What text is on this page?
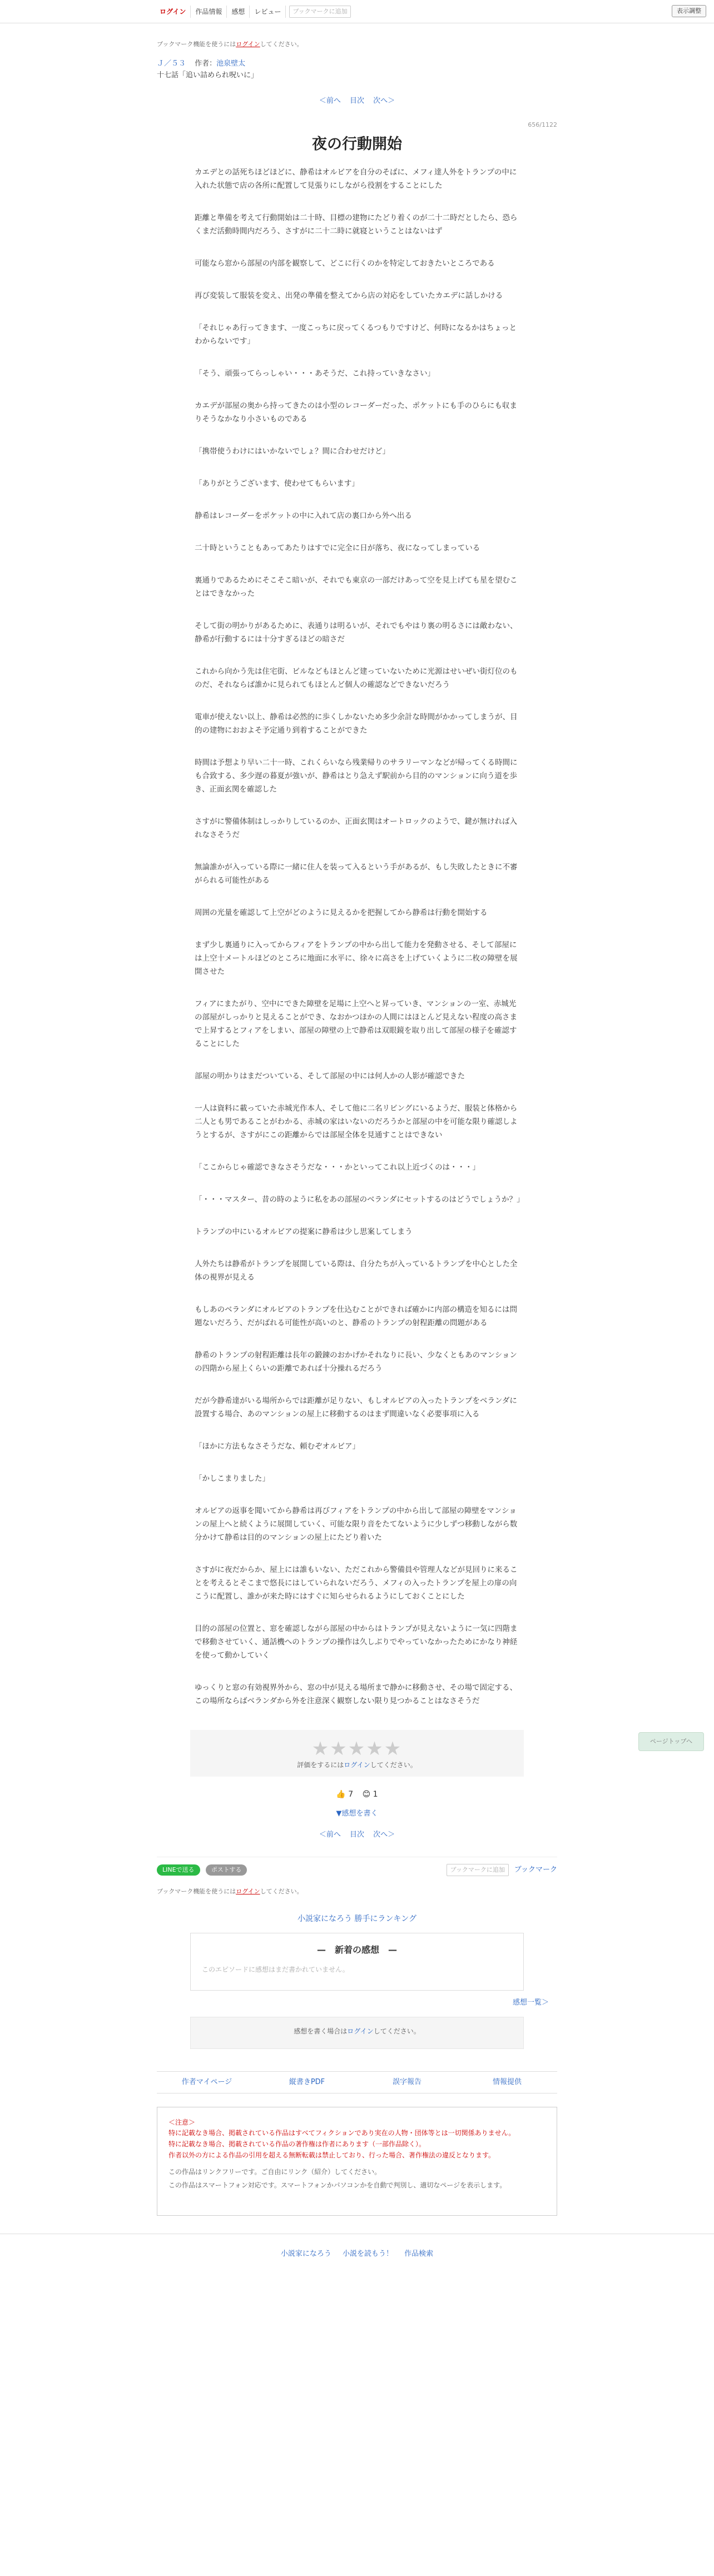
ログイン	作品情報	感想	レビュー	ブックマークに追加	表示調整
ブックマーク機能を使うにはログインしてください。
Ｊ／５３ 作者：池泉壁太
十七話「追い詰められ呪いに」
＜前へ 目次 次へ＞
656/1122
夜の行動開始

カエデとの話死ちほどほどに、静希はオルビアを自分のそばに、メフィ達人外をトランプの中に入れた状態で店の各所に配置して見張りにしながら役割をすることにした

距離と準備を考えて行動開始は二十時、目標の建物にたどり着くのが二十二時だとしたら、恐らくまだ活動時間内だろう、さすがに二十二時に就寝ということはないはず

可能なら窓から部屋の内部を観察して、どこに行くのかを特定しておきたいところである

再び変装して服装を変え、出発の準備を整えてから店の対応をしていたカエデに話しかける

「それじゃあ行ってきます、一度こっちに戻ってくるつもりですけど、何時になるかはちょっとわからないです」

「そう、頑張ってらっしゃい・・・あそうだ、これ持っていきなさい」

カエデが部屋の奥から持ってきたのは小型のレコーダーだった、ポケットにも手のひらにも収まりそうなかなり小さいものである

「携帯使うわけにはいかないでしょ？間に合わせだけど」

「ありがとうございます、使わせてもらいます」

静希はレコーダーをポケットの中に入れて店の裏口から外へ出る

二十時ということもあってあたりはすでに完全に日が落ち、夜になってしまっている

裏通りであるためにそこそこ暗いが、それでも東京の一部だけあって空を見上げても星を望むことはできなかった

そして街の明かりがあるために、表通りは明るいが、それでもやはり裏の明るさには敵わない、静希が行動するには十分すぎるほどの暗さだ

これから向かう先は住宅街、ビルなどもほとんど建っていないために光源はせいぜい街灯位のものだ、それならば誰かに見られてもほとんど個人の確認などできないだろう

電車が使えない以上、静希は必然的に歩くしかないため多少余計な時間がかかってしまうが、目的の建物におおよそ予定通り到着することができた

時間は予想より早い二十一時、これくらいなら残業帰りのサラリーマンなどが帰ってくる時間にも合致する、多少遅の暮夏が強いが、静希はとり急えず駅前から目的のマンションに向う道を歩き、正面玄関を確認した

さすがに警備体制はしっかりしているのか、正面玄関はオートロックのようで、鍵が無ければ入れなさそうだ

無論誰かが入っている際に一緒に住人を装って入るという手があるが、もし失敗したときに不審がられる可能性がある

周囲の光量を確認して上空がどのように見えるかを把握してから静希は行動を開始する

まず少し裏通りに入ってからフィアをトランプの中から出して能力を発動させる、そして部屋には上空十メートルほどのところに地面に水平に、徐々に高さを上げていくように二枚の障壁を展開させた

フィアにまたがり、空中にできた障壁を足場に上空へと昇っていき、マンションの一室、赤城光の部屋がしっかりと見えることができ、なおかつほかの人間にはほとんど見えない程度の高さまで上昇するとフィアをしまい、部屋の障壁の上で静希は双眼鏡を取り出して部屋の様子を確認することにした

部屋の明かりはまだついている、そして部屋の中には何人かの人影が確認できた

一人は資料に載っていた赤城光作本人、そして他に二名リビングにいるようだ、服装と体格から二人とも男であることがわかる、赤城の家はいないのだろうかと部屋の中を可能な限り確認しようとするが、さすがにこの距離からでは部屋全体を見通すことはできない

「ここからじゃ確認できなさそうだな・・・かといってこれ以上近づくのは・・・」

「・・・マスター、昔の時のように私をあの部屋のベランダにセットするのはどうでしょうか？」

トランプの中にいるオルビアの提案に静希は少し思案してしまう

人外たちは静希がトランプを展開している際は、自分たちが入っているトランプを中心とした全体の視界が見える

もしあのベランダにオルビアのトランプを仕込むことができれば確かに内部の構造を知るには問題ないだろう、だがばれる可能性が高いのと、静希のトランプの射程距離の問題がある

静希のトランプの射程距離は長年の鍛錬のおかげかそれなりに長い、少なくともあのマンションの四階から屋上くらいの距離であれば十分操れるだろう

だが今静希達がいる場所からでは距離が足りない、もしオルビアの入ったトランプをベランダに設置する場合、あのマンションの屋上に移動するのはまず間違いなく必要事項に入る

「ほかに方法もなさそうだな、頼むぞオルビア」

「かしこまりました」

オルビアの返事を聞いてから静希は再びフィアをトランプの中から出して部屋の障壁をマンションの屋上へと続くように展開していく、可能な限り音をたてないように少しずつ移動しながら数分かけて静希は目的のマンションの屋上にたどり着いた

さすがに夜だからか、屋上には誰もいない、ただこれから警備員や管理人などが見回りに来ることを考えるとそこまで悠長にはしていられないだろう、メフィの入ったトランプを屋上の扉の向こうに配置し、誰かが来た時にはすぐに知らせられるようにしておくことにした

目的の部屋の位置と、窓を確認しながら部屋の中からはトランプが見えないように一気に四階まで移動させていく、通話機へのトランプの操作は久しぶりでやっていなかったためにかなり神経を使って動かしていく

ゆっくりと窓の有効視界外から、窓の中が見える場所まで静かに移動させ、その場で固定する、この場所ならばベランダから外を注意深く観察しない限り見つかることはなさそうだ

★★★★★
評価をするにはログインしてください。
👍 7 😊 1
▼感想を書く
＜前へ 目次 次へ＞
ページトップへ
LINEで送る	ポストする	ブックマークに追加	ブックマーク
ブックマーク機能を使うにはログインしてください。
小説家になろう 勝手にランキング
—　新着の感想　—
このエピソードに感想はまだ書かれていません。
感想一覧＞
感想を書く場合はログインしてください。
作者マイページ	縦書きPDF	誤字報告	情報提供
＜注意＞
特に記載なき場合、掲載されている作品はすべてフィクションであり実在の人物・団体等とは一切関係ありません。
特に記載なき場合、掲載されている作品の著作権は作者にあります（一部作品除く）。
作者以外の方による作品の引用を超える無断転載は禁止しており、行った場合、著作権法の違反となります。
この作品はリンクフリーです。ご自由にリンク（紹介）してください。
この作品はスマートフォン対応です。スマートフォンかパソコンかを自動で判別し、適切なページを表示します。
小説家になろう 小説を読もう！ 作品検索
